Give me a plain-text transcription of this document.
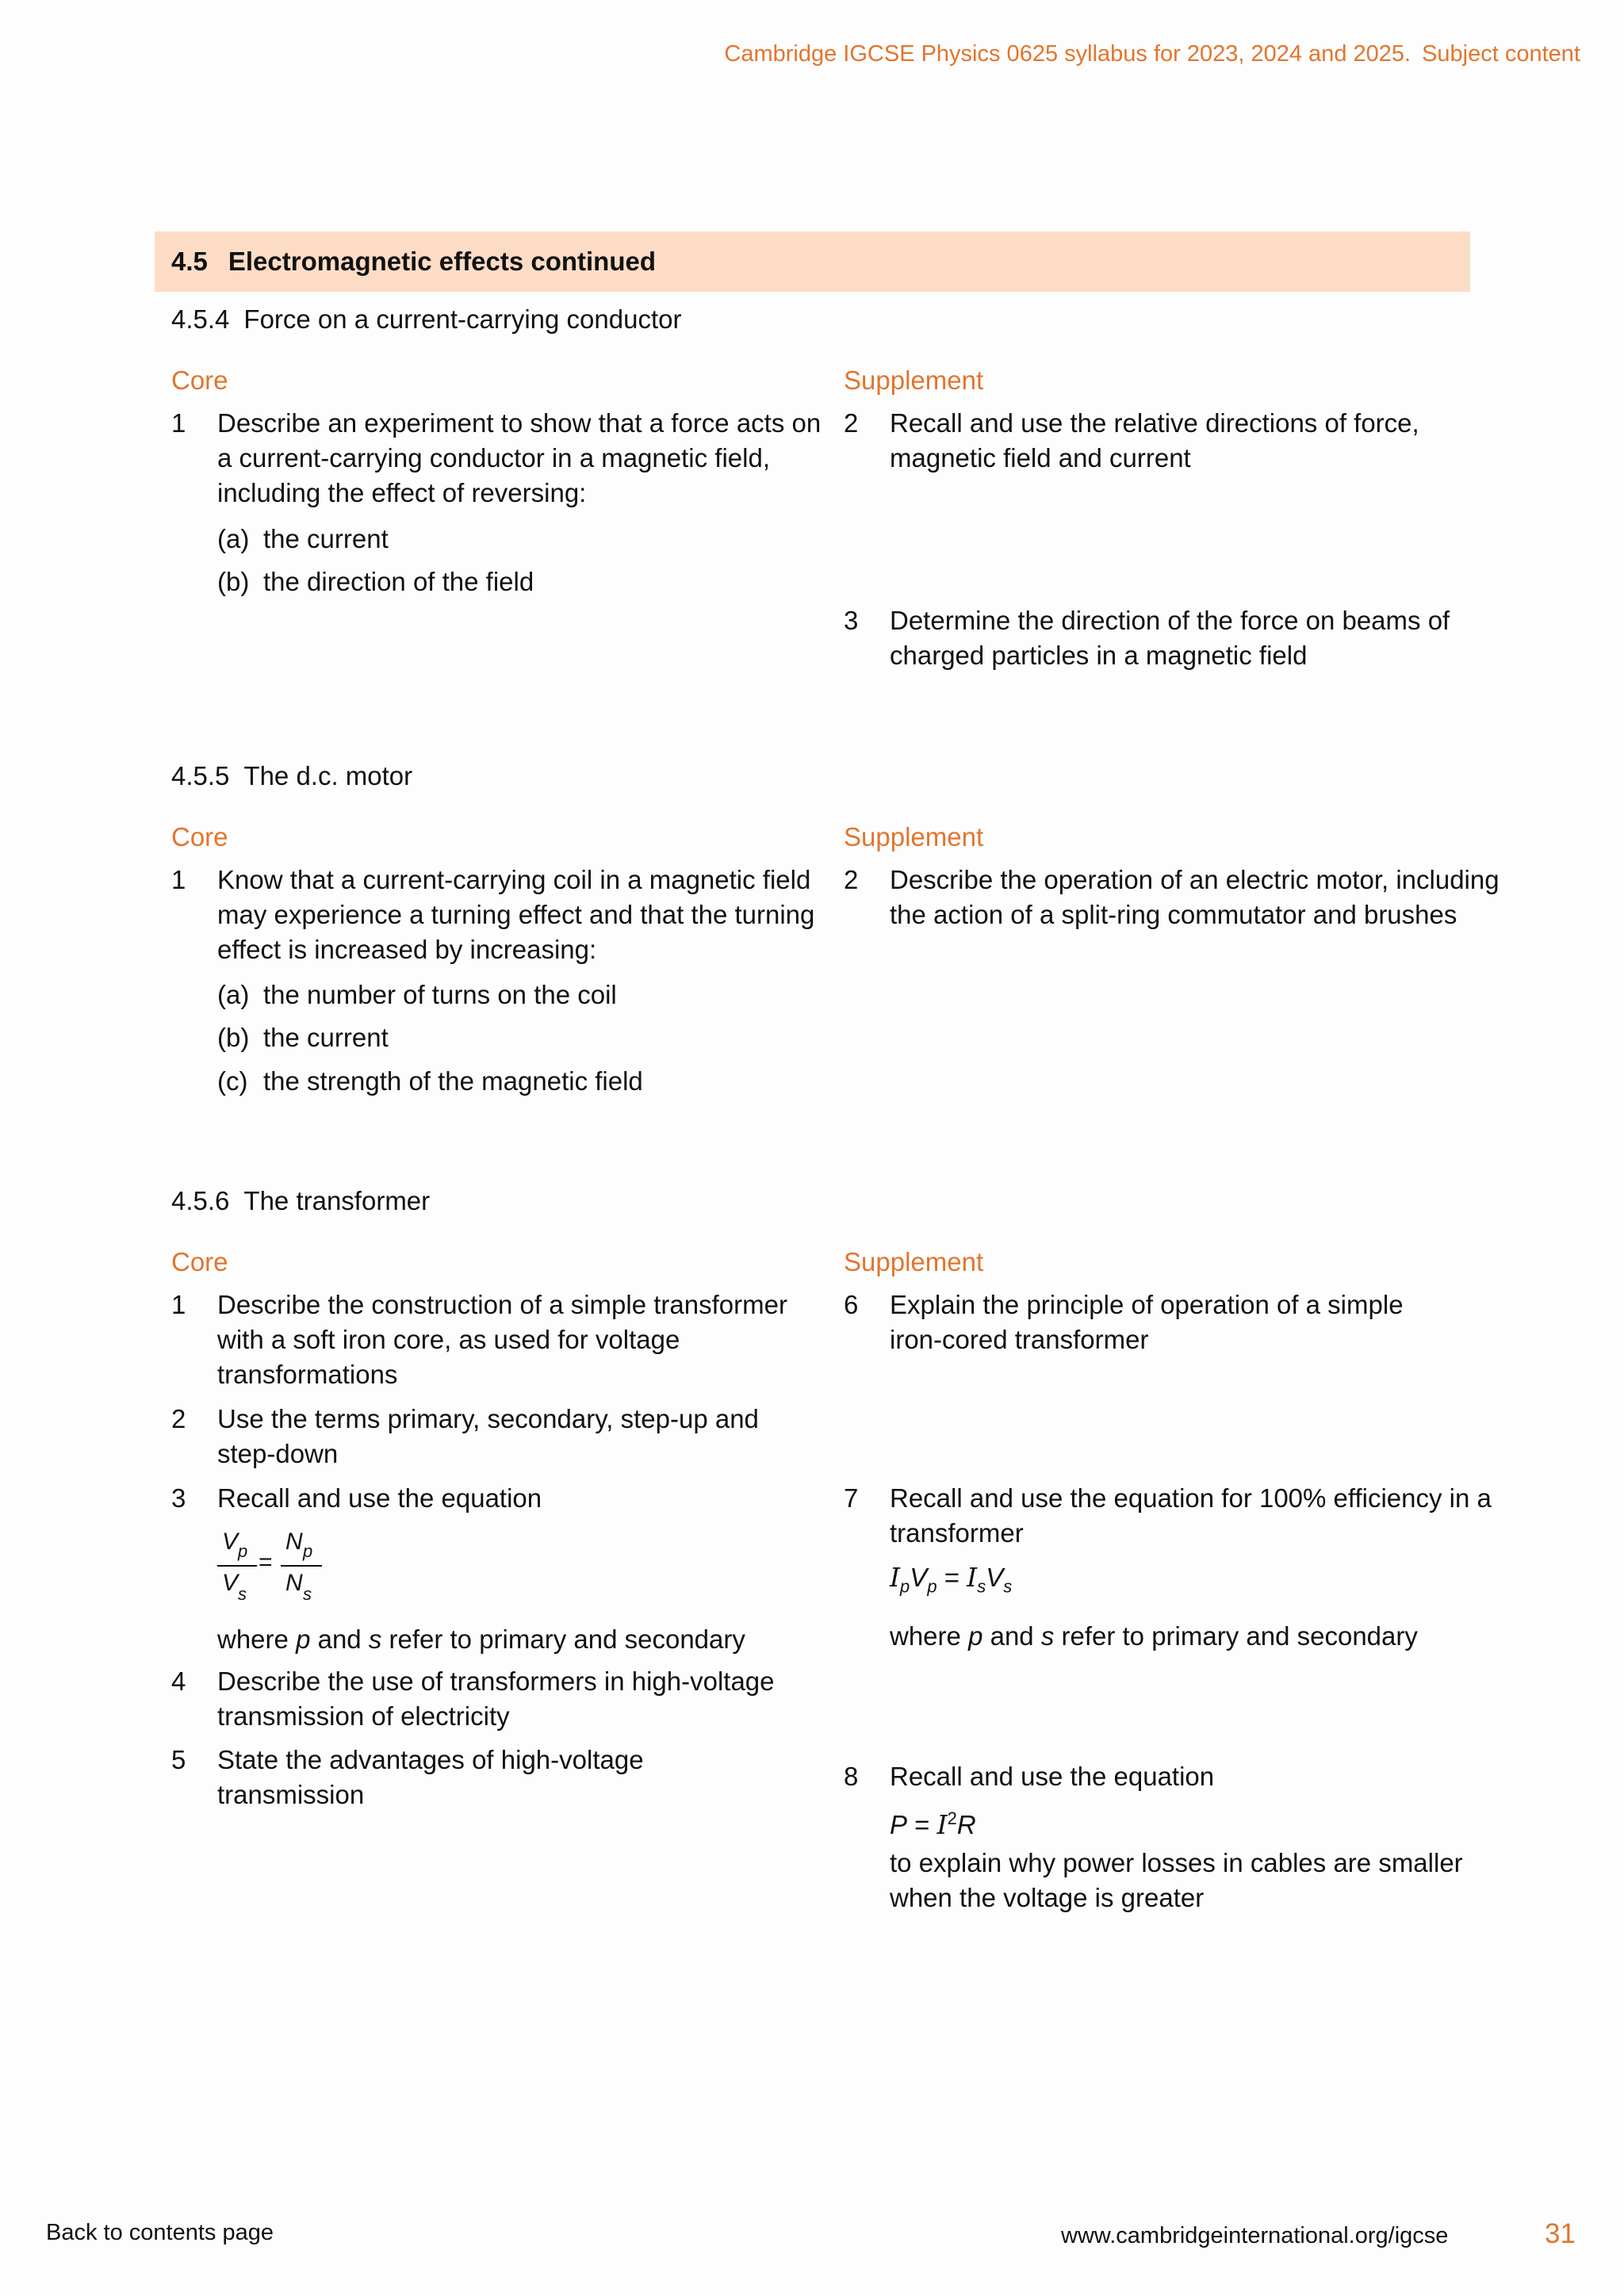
Cambridge IGCSE Physics 0625 syllabus for 2023, 2024 and 2025. Subject content
4.5 Electromagnetic effects continued
4.5.4 Force on a current-carrying conductor
Core	Supplement
1 Describe an experiment to show that a force acts on a current-carrying conductor in a magnetic field, including the effect of reversing:
(a) the current
(b) the direction of the field
2 Recall and use the relative directions of force, magnetic field and current
3 Determine the direction of the force on beams of charged particles in a magnetic field
4.5.5 The d.c. motor
Core	Supplement
1 Know that a current-carrying coil in a magnetic field may experience a turning effect and that the turning effect is increased by increasing:
(a) the number of turns on the coil
(b) the current
(c) the strength of the magnetic field
2 Describe the operation of an electric motor, including the action of a split-ring commutator and brushes
4.5.6 The transformer
Core	Supplement
1 Describe the construction of a simple transformer with a soft iron core, as used for voltage transformations
2 Use the terms primary, secondary, step-up and step-down
3 Recall and use the equation
V p
V s
=
N p
N s
where p and s refer to primary and secondary
4 Describe the use of transformers in high-voltage transmission of electricity
5 State the advantages of high-voltage transmission
6 Explain the principle of operation of a simple iron-cored transformer
7 Recall and use the equation for 100% efficiency in a transformer
$I_pV_p = I_sV_s$
where p and s refer to primary and secondary
8 Recall and use the equation
$P = I^2R$
to explain why power losses in cables are smaller when the voltage is greater
Back to contents page	www.cambridgeinternational.org/igcse	31
